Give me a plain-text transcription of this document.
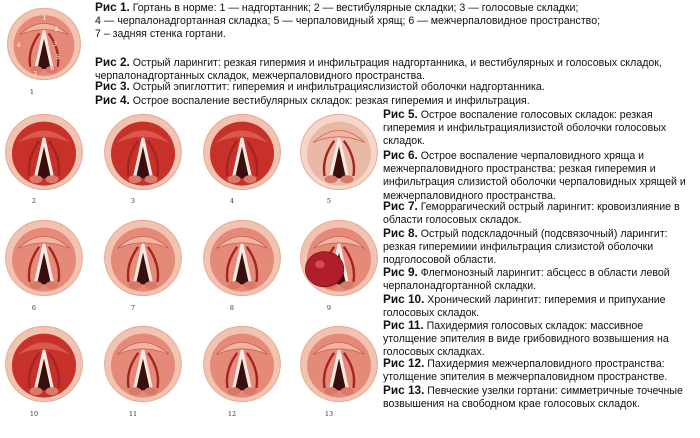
Рис 1. Гортань в норме: 1 — надгортанник; 2 — вестибулярные складки; 3 — голосовые складки;
4 — черпалонадгортанная складка; 5 — черпаловидный хрящ; 6 — межчерпаловидное пространство;
7 – задняя стенка гортани.
Рис 2. Острый ларингит: резкая гипермия и инфильтрация надгортанника, и вестибулярных и голосовых складок,
черпалонадгортанных складок, межчерпаловидного пространства.
Рис 3. Острый эпиглоттит: гиперемия и инфильтрацияслизистой оболочки надгортанника.
Рис 4. Острое воспаление вестибулярных складок: резкая гиперемия и инфильтрация.
Рис 5. Острое воспаление голосовых складок: резкая
гиперемия и инфильтрациялизистой оболочки голосовых
складок.
Рис 6. Острое воспаление черпаловидного хряща и
межчерпаловидного пространства: резкая гиперемия и
инфильтрация слизистой оболочки черпаловидных хрящей и
межчерпаловидного пространства.
Рис 7. Геморрагический острый ларингит: кровоизлияние в
области голосовых складок.
Рис 8. Острый подскладочный (подсвязочный) ларингит:
резкая гиперемиии инфильтрация слизистой оболочки
подголосовой области.
Рис 9. Флегмонозный ларингит: абсцесс в области левой
черпалонадгортанной складки.
Рис 10. Хронический ларингит: гиперемия и припухание
голосовых складок.
Рис 11. Пахидермия голосовых складок: массивное
утолщение эпителия в виде грибовидного возвышения на
голосовых складках.
Рис 12. Пахидермия межчерпаловидного пространства:
утолщение эпителия в межчерпаловидном пространстве.
Рис 13. Певческие узелки гортани: симметричные точечные
возвышения на свободном крае голосовых складок.
1
2
3
4
5
6
7
1
2	3	4	5
6	7	8	9
10	11	12	13
